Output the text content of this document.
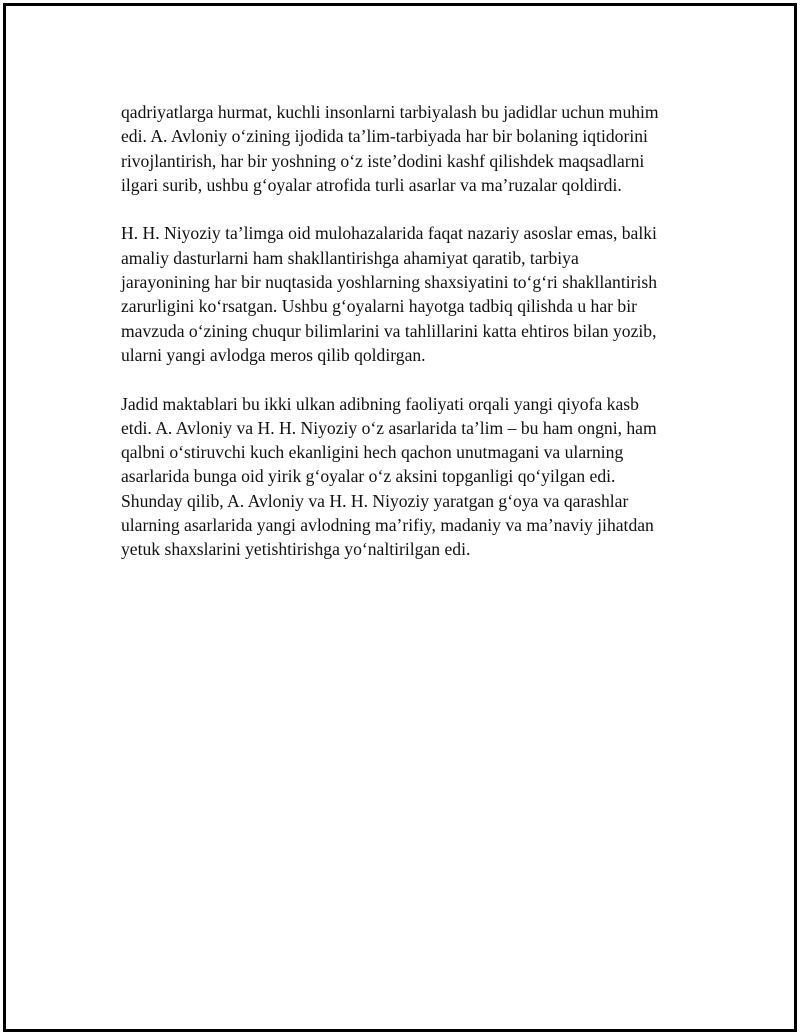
qadriyatlarga hurmat, kuchli insonlarni tarbiyalash bu jadidlar uchun muhim
edi. A. Avloniy o‘zining ijodida ta’lim-tarbiyada har bir bolaning iqtidorini
rivojlantirish, har bir yoshning o‘z iste’dodini kashf qilishdek maqsadlarni
ilgari surib, ushbu g‘oyalar atrofida turli asarlar va ma’ruzalar qoldirdi.

H. H. Niyoziy ta’limga oid mulohazalarida faqat nazariy asoslar emas, balki
amaliy dasturlarni ham shakllantirishga ahamiyat qaratib, tarbiya
jarayonining har bir nuqtasida yoshlarning shaxsiyatini to‘g‘ri shakllantirish
zarurligini ko‘rsatgan. Ushbu g‘oyalarni hayotga tadbiq qilishda u har bir
mavzuda o‘zining chuqur bilimlarini va tahlillarini katta ehtiros bilan yozib,
ularni yangi avlodga meros qilib qoldirgan.

Jadid maktablari bu ikki ulkan adibning faoliyati orqali yangi qiyofa kasb
etdi. A. Avloniy va H. H. Niyoziy o‘z asarlarida ta’lim – bu ham ongni, ham
qalbni o‘stiruvchi kuch ekanligini hech qachon unutmagani va ularning
asarlarida bunga oid yirik g‘oyalar o‘z aksini topganligi qo‘yilgan edi.
Shunday qilib, A. Avloniy va H. H. Niyoziy yaratgan g‘oya va qarashlar
ularning asarlarida yangi avlodning ma’rifiy, madaniy va ma’naviy jihatdan
yetuk shaxslarini yetishtirishga yo‘naltirilgan edi.
